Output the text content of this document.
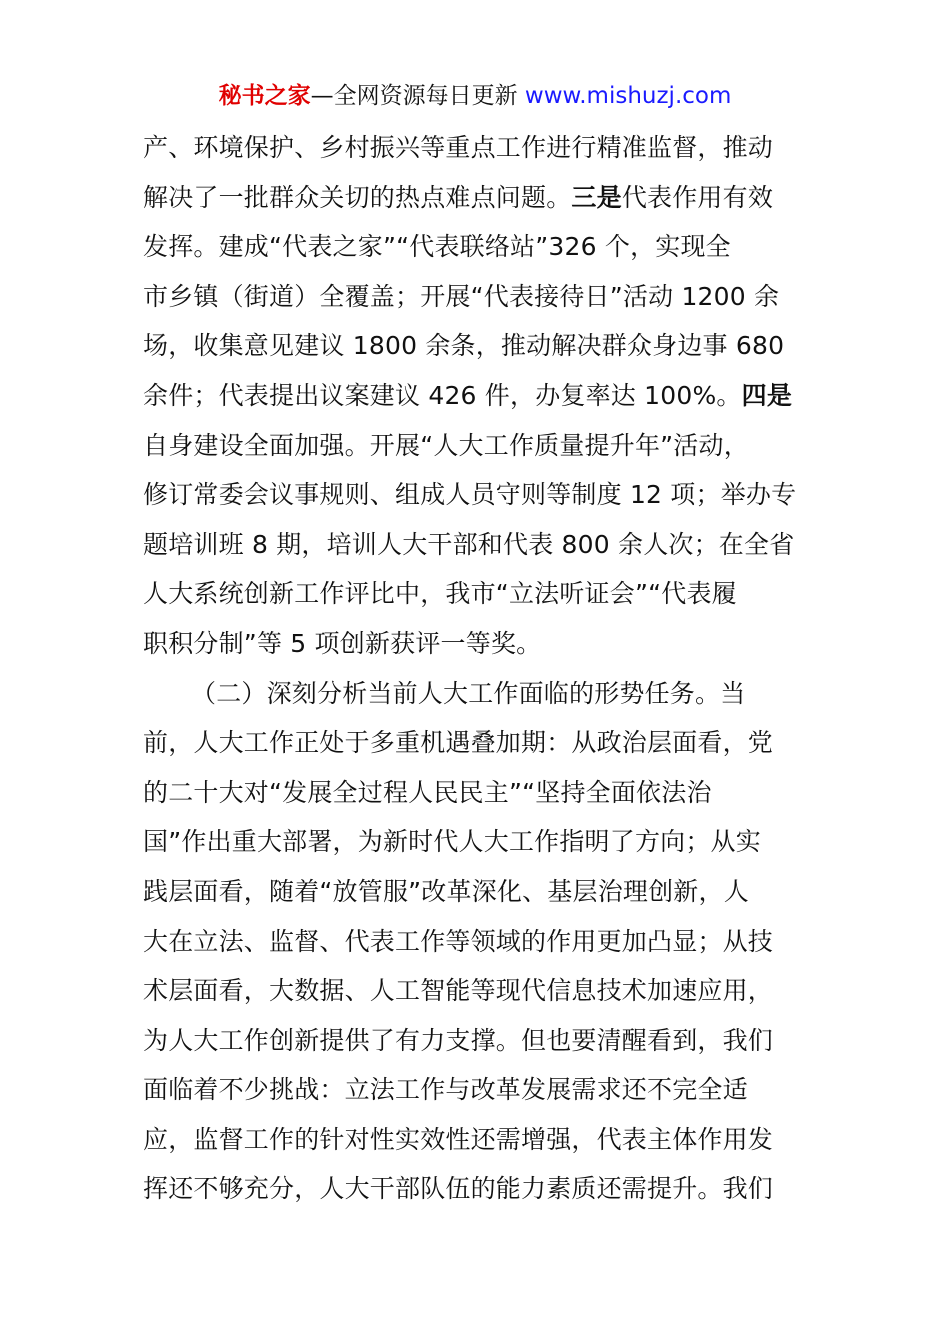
秘书之家—全网资源每日更新 www.mishuzj.com
产、环境保护、乡村振兴等重点工作进行精准监督，推动
解决了一批群众关切的热点难点问题。三是代表作用有效
发挥。建成“代表之家”“代表联络站”326 个，实现全
市乡镇（街道）全覆盖；开展“代表接待日”活动 1200 余
场，收集意见建议 1800 余条，推动解决群众身边事 680
余件；代表提出议案建议 426 件，办复率达 100%。四是
自身建设全面加强。开展“人大工作质量提升年”活动，
修订常委会议事规则、组成人员守则等制度 12 项；举办专
题培训班 8 期，培训人大干部和代表 800 余人次；在全省
人大系统创新工作评比中，我市“立法听证会”“代表履
职积分制”等 5 项创新获评一等奖。
（二）深刻分析当前人大工作面临的形势任务。当
前，人大工作正处于多重机遇叠加期：从政治层面看，党
的二十大对“发展全过程人民民主”“坚持全面依法治
国”作出重大部署，为新时代人大工作指明了方向；从实
践层面看，随着“放管服”改革深化、基层治理创新，人
大在立法、监督、代表工作等领域的作用更加凸显；从技
术层面看，大数据、人工智能等现代信息技术加速应用，
为人大工作创新提供了有力支撑。但也要清醒看到，我们
面临着不少挑战：立法工作与改革发展需求还不完全适
应，监督工作的针对性实效性还需增强，代表主体作用发
挥还不够充分，人大干部队伍的能力素质还需提升。我们
